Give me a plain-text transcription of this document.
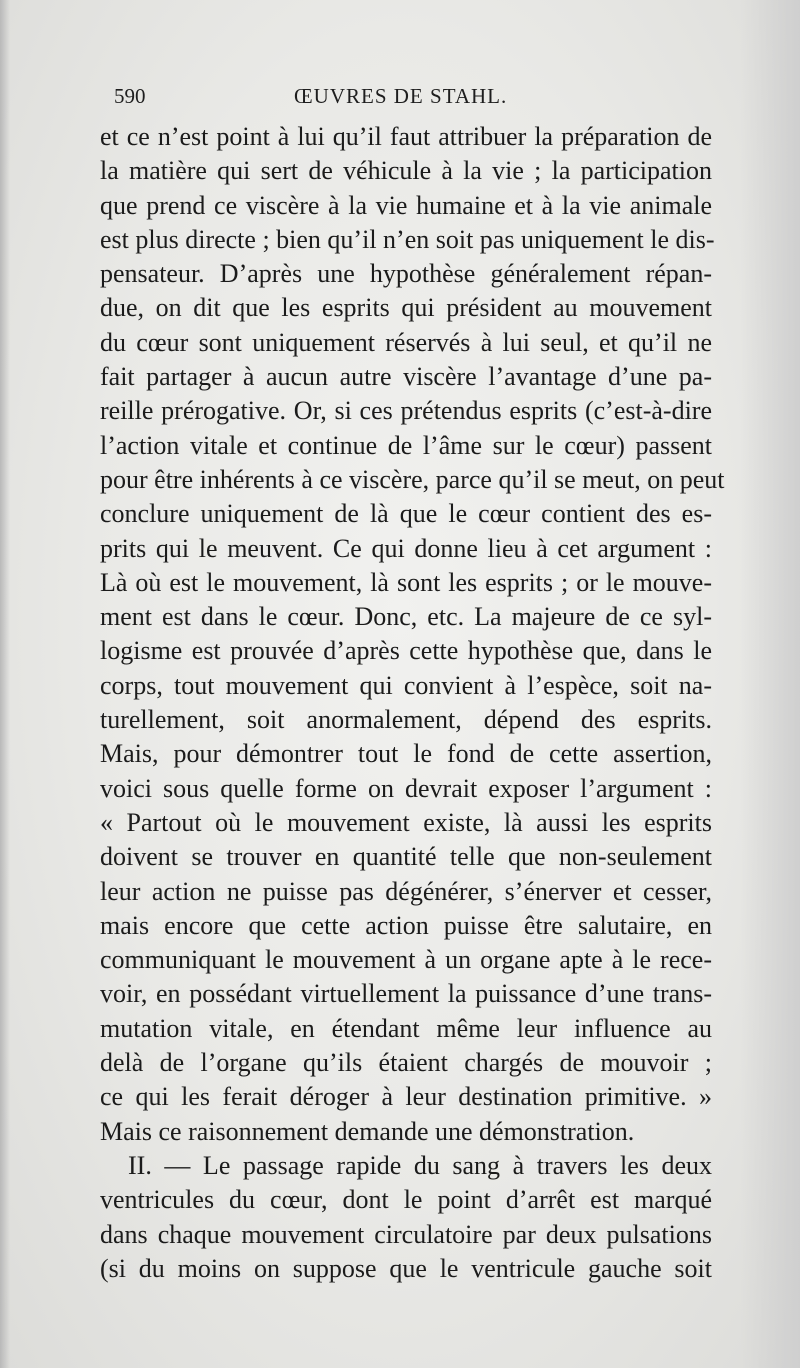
590	ŒUVRES DE STAHL.
et ce n’est point à lui qu’il faut attribuer la préparation de
la matière qui sert de véhicule à la vie ; la participation
que prend ce viscère à la vie humaine et à la vie animale
est plus directe ; bien qu’il n’en soit pas uniquement le dis-
pensateur. D’après une hypothèse généralement répan-
due, on dit que les esprits qui président au mouvement
du cœur sont uniquement réservés à lui seul, et qu’il ne
fait partager à aucun autre viscère l’avantage d’une pa-
reille prérogative. Or, si ces prétendus esprits (c’est-à-dire
l’action vitale et continue de l’âme sur le cœur) passent
pour être inhérents à ce viscère, parce qu’il se meut, on peut
conclure uniquement de là que le cœur contient des es-
prits qui le meuvent. Ce qui donne lieu à cet argument :
Là où est le mouvement, là sont les esprits ; or le mouve-
ment est dans le cœur. Donc, etc. La majeure de ce syl-
logisme est prouvée d’après cette hypothèse que, dans le
corps, tout mouvement qui convient à l’espèce, soit na-
turellement, soit anormalement, dépend des esprits.
Mais, pour démontrer tout le fond de cette assertion,
voici sous quelle forme on devrait exposer l’argument :
« Partout où le mouvement existe, là aussi les esprits
doivent se trouver en quantité telle que non-seulement
leur action ne puisse pas dégénérer, s’énerver et cesser,
mais encore que cette action puisse être salutaire, en
communiquant le mouvement à un organe apte à le rece-
voir, en possédant virtuellement la puissance d’une trans-
mutation vitale, en étendant même leur influence au
delà de l’organe qu’ils étaient chargés de mouvoir ;
ce qui les ferait déroger à leur destination primitive. »
Mais ce raisonnement demande une démonstration.
II. — Le passage rapide du sang à travers les deux
ventricules du cœur, dont le point d’arrêt est marqué
dans chaque mouvement circulatoire par deux pulsations
(si du moins on suppose que le ventricule gauche soit
